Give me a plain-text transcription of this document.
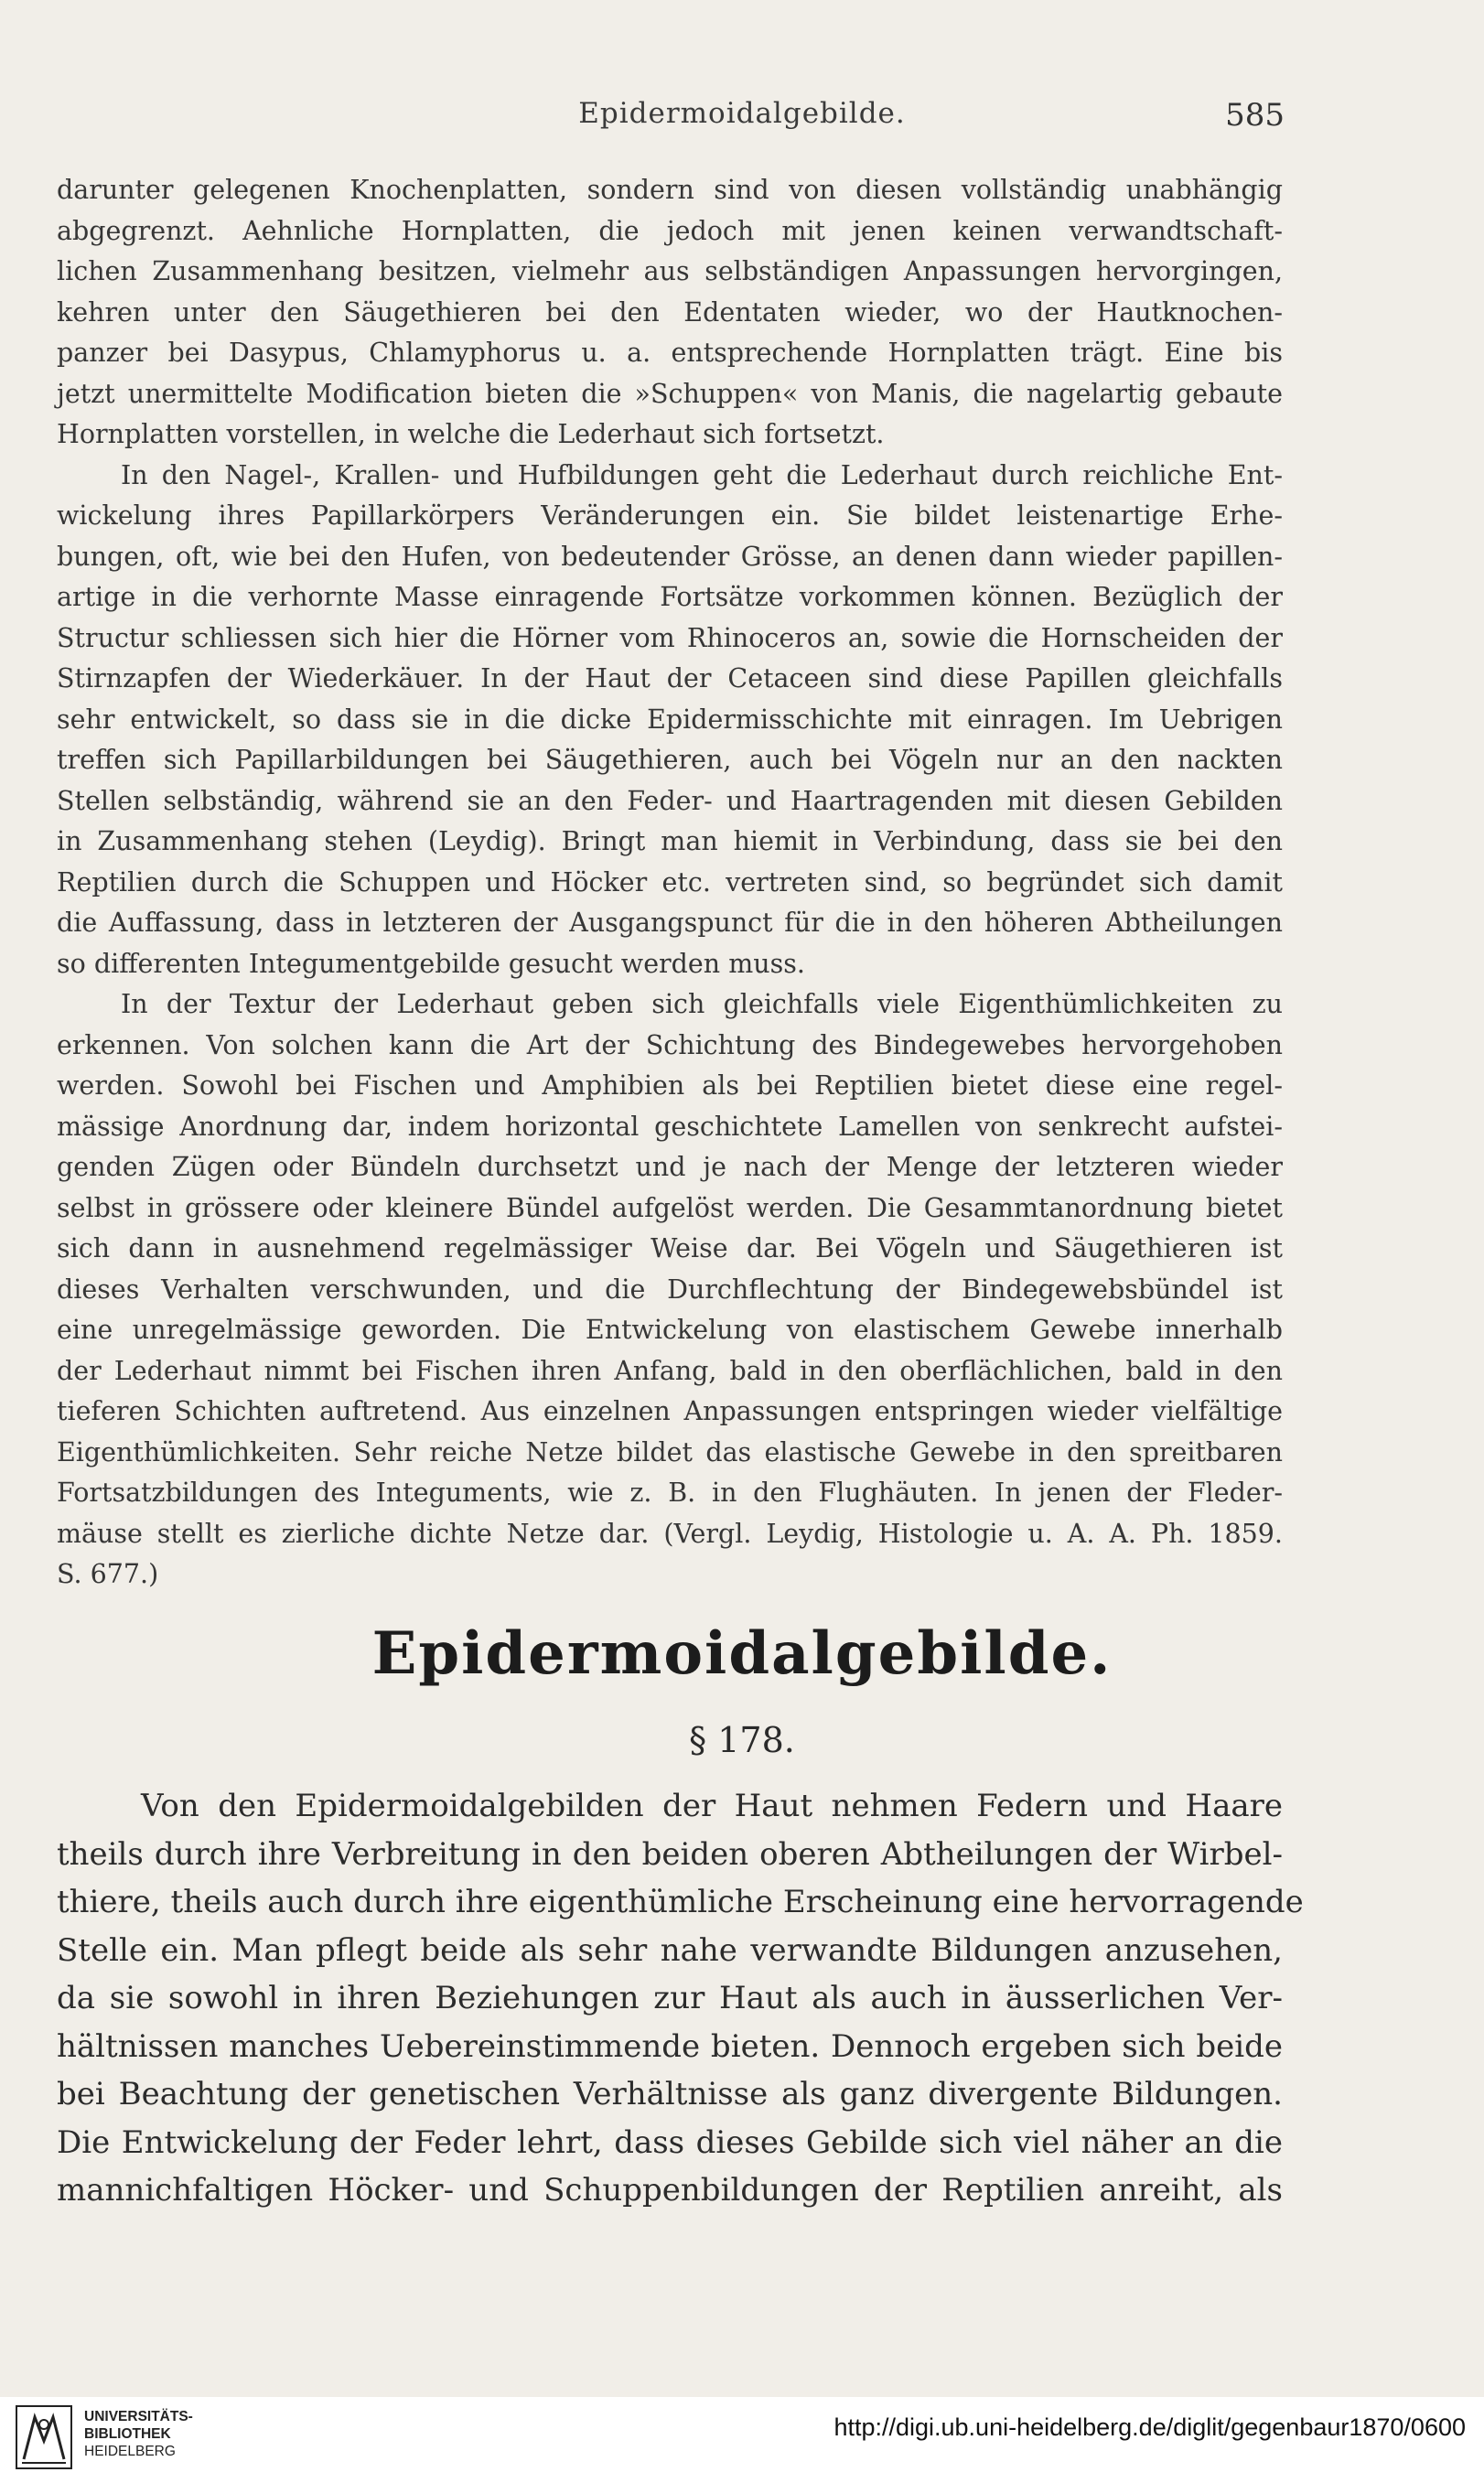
Epidermoidalgebilde.	585
darunter gelegenen Knochenplatten, sondern sind von diesen vollständig unabhängig
abgegrenzt. Aehnliche Hornplatten, die jedoch mit jenen keinen verwandtschaft-
lichen Zusammenhang besitzen, vielmehr aus selbständigen Anpassungen hervorgingen,
kehren unter den Säugethieren bei den Edentaten wieder, wo der Hautknochen-
panzer bei Dasypus, Chlamyphorus u. a. entsprechende Hornplatten trägt. Eine bis
jetzt unermittelte Modification bieten die »Schuppen« von Manis, die nagelartig gebaute
Hornplatten vorstellen, in welche die Lederhaut sich fortsetzt.
In den Nagel-, Krallen- und Hufbildungen geht die Lederhaut durch reichliche Ent-
wickelung ihres Papillarkörpers Veränderungen ein. Sie bildet leistenartige Erhe-
bungen, oft, wie bei den Hufen, von bedeutender Grösse, an denen dann wieder papillen-
artige in die verhornte Masse einragende Fortsätze vorkommen können. Bezüglich der
Structur schliessen sich hier die Hörner vom Rhinoceros an, sowie die Hornscheiden der
Stirnzapfen der Wiederkäuer. In der Haut der Cetaceen sind diese Papillen gleichfalls
sehr entwickelt, so dass sie in die dicke Epidermisschichte mit einragen. Im Uebrigen
treffen sich Papillarbildungen bei Säugethieren, auch bei Vögeln nur an den nackten
Stellen selbständig, während sie an den Feder- und Haartragenden mit diesen Gebilden
in Zusammenhang stehen (Leydig). Bringt man hiemit in Verbindung, dass sie bei den
Reptilien durch die Schuppen und Höcker etc. vertreten sind, so begründet sich damit
die Auffassung, dass in letzteren der Ausgangspunct für die in den höheren Abtheilungen
so differenten Integumentgebilde gesucht werden muss.
In der Textur der Lederhaut geben sich gleichfalls viele Eigenthümlichkeiten zu
erkennen. Von solchen kann die Art der Schichtung des Bindegewebes hervorgehoben
werden. Sowohl bei Fischen und Amphibien als bei Reptilien bietet diese eine regel-
mässige Anordnung dar, indem horizontal geschichtete Lamellen von senkrecht aufstei-
genden Zügen oder Bündeln durchsetzt und je nach der Menge der letzteren wieder
selbst in grössere oder kleinere Bündel aufgelöst werden. Die Gesammtanordnung bietet
sich dann in ausnehmend regelmässiger Weise dar. Bei Vögeln und Säugethieren ist
dieses Verhalten verschwunden, und die Durchflechtung der Bindegewebsbündel ist
eine unregelmässige geworden. Die Entwickelung von elastischem Gewebe innerhalb
der Lederhaut nimmt bei Fischen ihren Anfang, bald in den oberflächlichen, bald in den
tieferen Schichten auftretend. Aus einzelnen Anpassungen entspringen wieder vielfältige
Eigenthümlichkeiten. Sehr reiche Netze bildet das elastische Gewebe in den spreitbaren
Fortsatzbildungen des Integuments, wie z. B. in den Flughäuten. In jenen der Fleder-
mäuse stellt es zierliche dichte Netze dar. (Vergl. Leydig, Histologie u. A. A. Ph. 1859.
S. 677.)
Epidermoidalgebilde.
§ 178.
Von den Epidermoidalgebilden der Haut nehmen Federn und Haare
theils durch ihre Verbreitung in den beiden oberen Abtheilungen der Wirbel-
thiere, theils auch durch ihre eigenthümliche Erscheinung eine hervorragende
Stelle ein. Man pflegt beide als sehr nahe verwandte Bildungen anzusehen,
da sie sowohl in ihren Beziehungen zur Haut als auch in äusserlichen Ver-
hältnissen manches Uebereinstimmende bieten. Dennoch ergeben sich beide
bei Beachtung der genetischen Verhältnisse als ganz divergente Bildungen.
Die Entwickelung der Feder lehrt, dass dieses Gebilde sich viel näher an die
mannichfaltigen Höcker- und Schuppenbildungen der Reptilien anreiht, als
UNIVERSITÄTS-
BIBLIOTHEK
HEIDELBERG
http://digi.ub.uni-heidelberg.de/diglit/gegenbaur1870/0600
